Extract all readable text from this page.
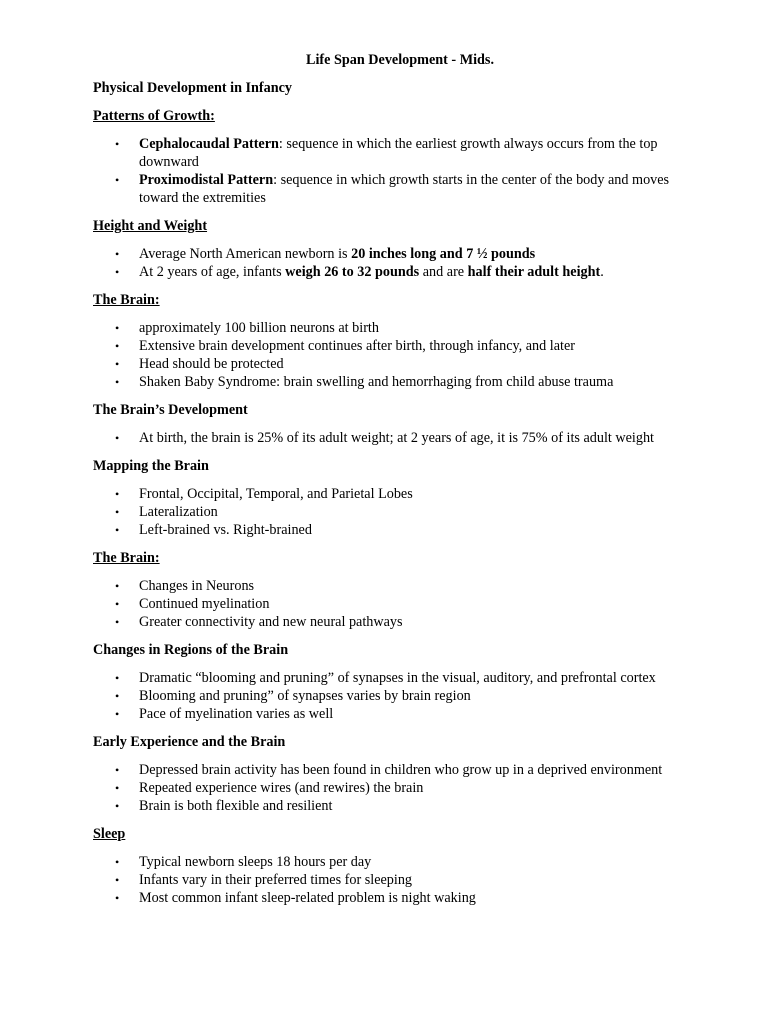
Life Span Development - Mids.
Physical Development in Infancy
Patterns of Growth:
• Cephalocaudal Pattern: sequence in which the earliest growth always occurs from the top downward
• Proximodistal Pattern: sequence in which growth starts in the center of the body and moves toward the extremities
Height and Weight
• Average North American newborn is 20 inches long and 7 ½ pounds
• At 2 years of age, infants weigh 26 to 32 pounds and are half their adult height.
The Brain:
• approximately 100 billion neurons at birth
• Extensive brain development continues after birth, through infancy, and later
• Head should be protected
• Shaken Baby Syndrome: brain swelling and hemorrhaging from child abuse trauma
The Brain’s Development
• At birth, the brain is 25% of its adult weight; at 2 years of age, it is 75% of its adult weight
Mapping the Brain
• Frontal, Occipital, Temporal, and Parietal Lobes
• Lateralization
• Left-brained vs. Right-brained
The Brain:
• Changes in Neurons
• Continued myelination
• Greater connectivity and new neural pathways
Changes in Regions of the Brain
• Dramatic “blooming and pruning” of synapses in the visual, auditory, and prefrontal cortex
• Blooming and pruning” of synapses varies by brain region
• Pace of myelination varies as well
Early Experience and the Brain
• Depressed brain activity has been found in children who grow up in a deprived environment
• Repeated experience wires (and rewires) the brain
• Brain is both flexible and resilient
Sleep
• Typical newborn sleeps 18 hours per day
• Infants vary in their preferred times for sleeping
• Most common infant sleep-related problem is night waking
